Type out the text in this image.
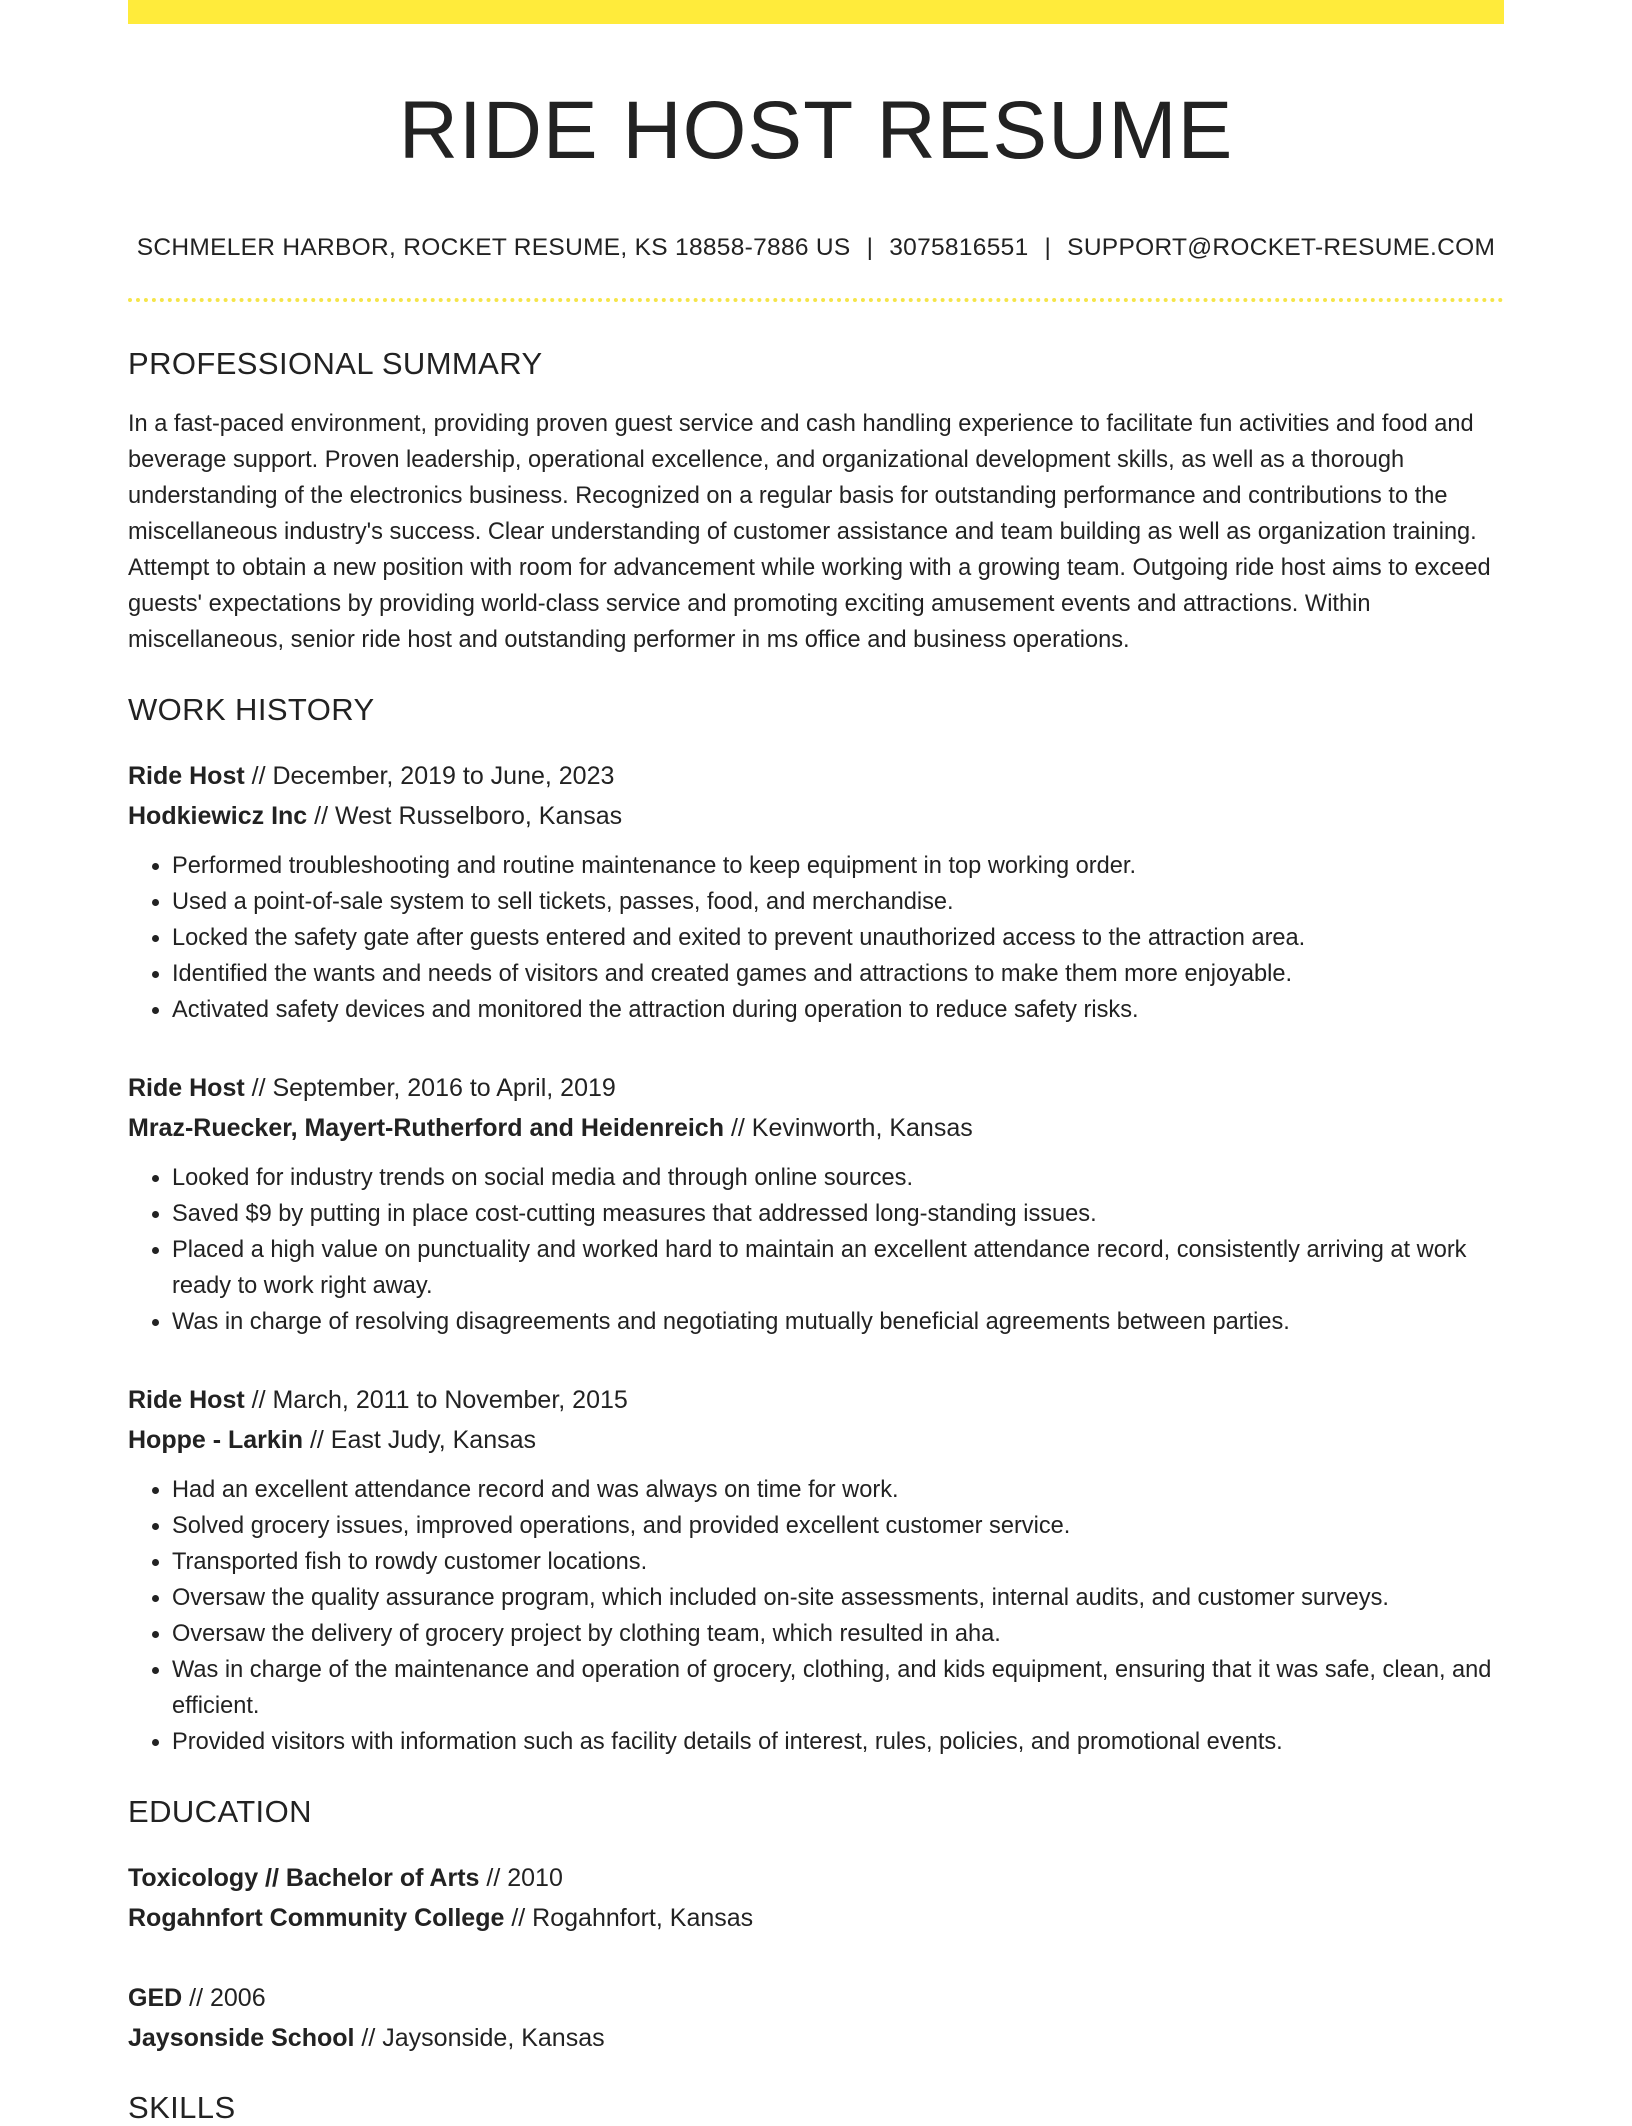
RIDE HOST RESUME
SCHMELER HARBOR, ROCKET RESUME, KS 18858-7886 US | 3075816551 | SUPPORT@ROCKET-RESUME.COM
PROFESSIONAL SUMMARY
In a fast-paced environment, providing proven guest service and cash handling experience to facilitate fun activities and food and beverage support. Proven leadership, operational excellence, and organizational development skills, as well as a thorough understanding of the electronics business. Recognized on a regular basis for outstanding performance and contributions to the miscellaneous industry's success. Clear understanding of customer assistance and team building as well as organization training. Attempt to obtain a new position with room for advancement while working with a growing team. Outgoing ride host aims to exceed guests' expectations by providing world-class service and promoting exciting amusement events and attractions. Within miscellaneous, senior ride host and outstanding performer in ms office and business operations.
WORK HISTORY
Ride Host // December, 2019 to June, 2023
Hodkiewicz Inc // West Russelboro, Kansas
• Performed troubleshooting and routine maintenance to keep equipment in top working order.
• Used a point-of-sale system to sell tickets, passes, food, and merchandise.
• Locked the safety gate after guests entered and exited to prevent unauthorized access to the attraction area.
• Identified the wants and needs of visitors and created games and attractions to make them more enjoyable.
• Activated safety devices and monitored the attraction during operation to reduce safety risks.
Ride Host // September, 2016 to April, 2019
Mraz-Ruecker, Mayert-Rutherford and Heidenreich // Kevinworth, Kansas
• Looked for industry trends on social media and through online sources.
• Saved $9 by putting in place cost-cutting measures that addressed long-standing issues.
• Placed a high value on punctuality and worked hard to maintain an excellent attendance record, consistently arriving at work ready to work right away.
• Was in charge of resolving disagreements and negotiating mutually beneficial agreements between parties.
Ride Host // March, 2011 to November, 2015
Hoppe - Larkin // East Judy, Kansas
• Had an excellent attendance record and was always on time for work.
• Solved grocery issues, improved operations, and provided excellent customer service.
• Transported fish to rowdy customer locations.
• Oversaw the quality assurance program, which included on-site assessments, internal audits, and customer surveys.
• Oversaw the delivery of grocery project by clothing team, which resulted in aha.
• Was in charge of the maintenance and operation of grocery, clothing, and kids equipment, ensuring that it was safe, clean, and efficient.
• Provided visitors with information such as facility details of interest, rules, policies, and promotional events.
EDUCATION
Toxicology // Bachelor of Arts // 2010
Rogahnfort Community College // Rogahnfort, Kansas
GED // 2006
Jaysonside School // Jaysonside, Kansas
SKILLS
